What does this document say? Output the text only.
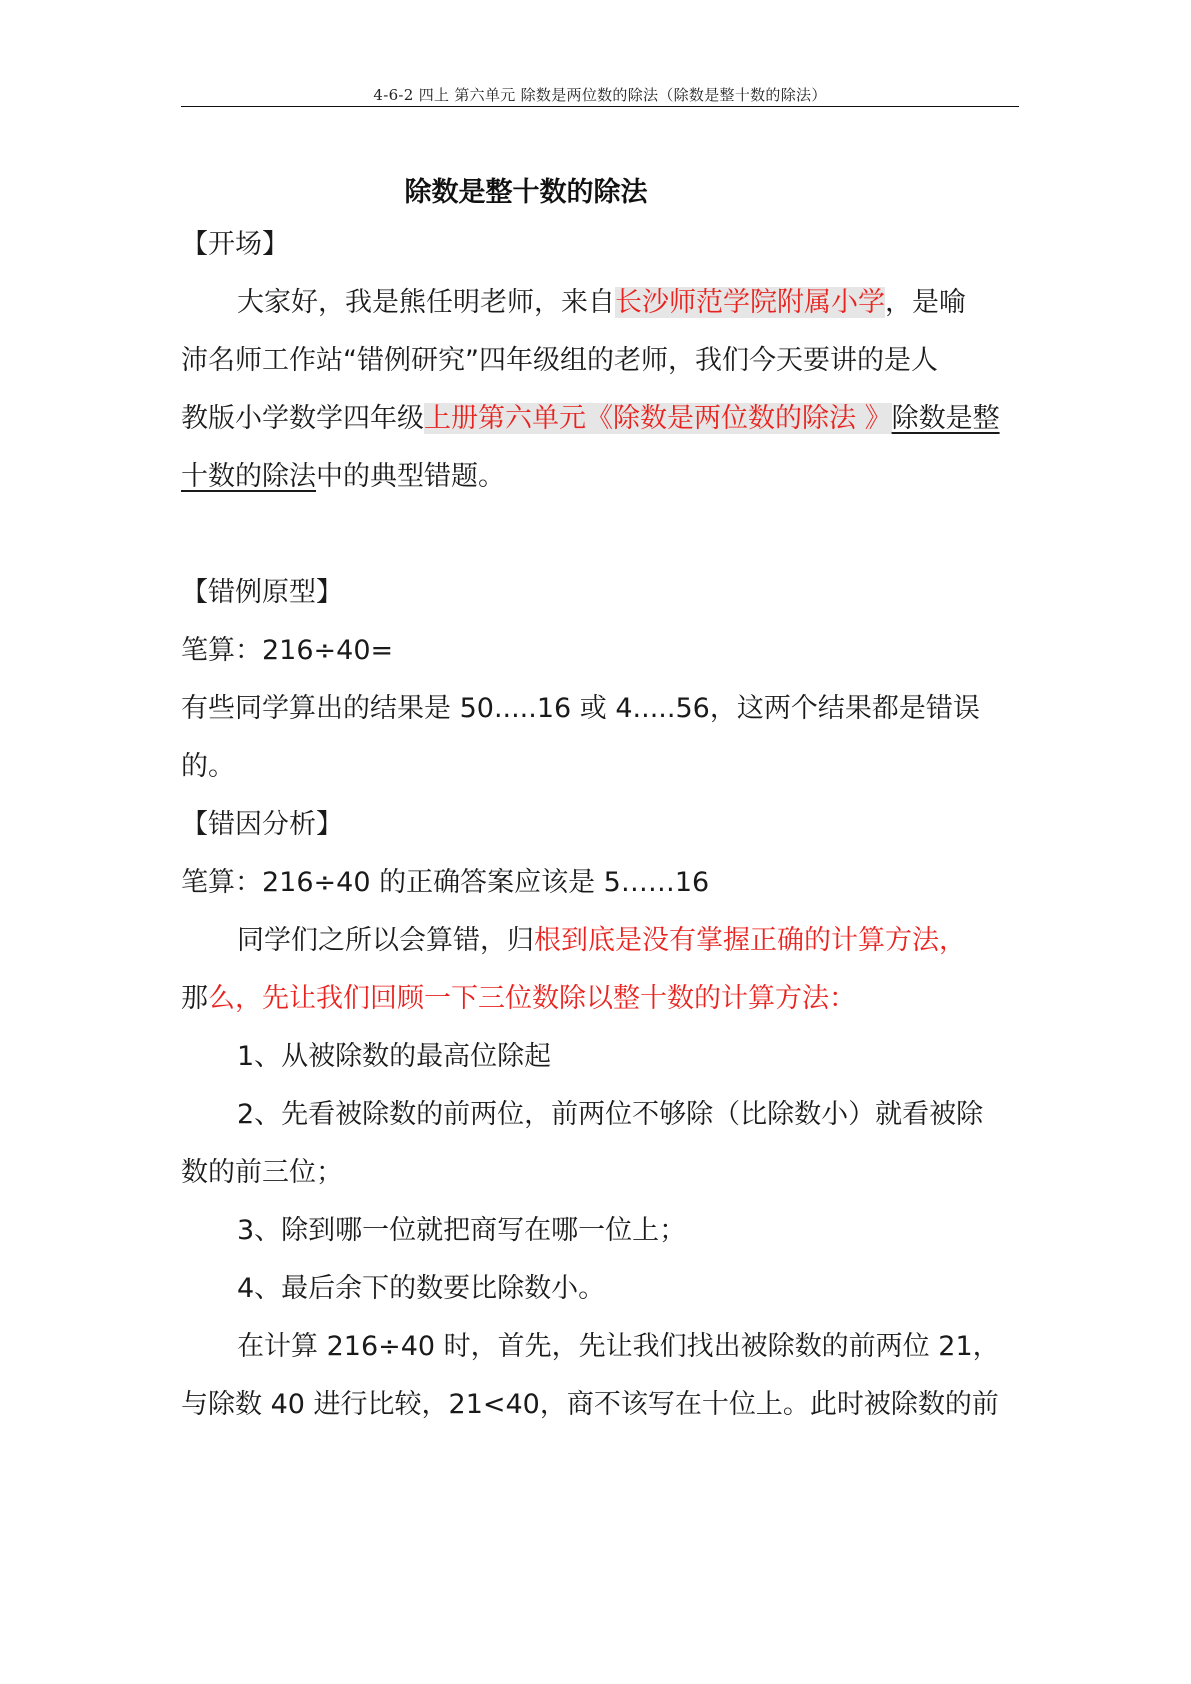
4-6-2 四上 第六单元 除数是两位数的除法（除数是整十数的除法）
除数是整十数的除法
【开场】
大家好，我是熊任明老师，来自长沙师范学院附属小学，是喻
沛名师工作站“错例研究”四年级组的老师，我们今天要讲的是人
教版小学数学四年级上册第六单元《除数是两位数的除法 》除数是整
十数的除法中的典型错题。
【错例原型】
笔算：216÷40=
有些同学算出的结果是 50.....16 或 4.....56，这两个结果都是错误
的。
【错因分析】
笔算：216÷40 的正确答案应该是 5……16
同学们之所以会算错，归根到底是没有掌握正确的计算方法，
那么，先让我们回顾一下三位数除以整十数的计算方法：
1、从被除数的最高位除起
2、先看被除数的前两位，前两位不够除（比除数小）就看被除
数的前三位；
3、除到哪一位就把商写在哪一位上；
4、最后余下的数要比除数小。
在计算 216÷40 时，首先，先让我们找出被除数的前两位 21，
与除数 40 进行比较，21<40，商不该写在十位上。此时被除数的前
